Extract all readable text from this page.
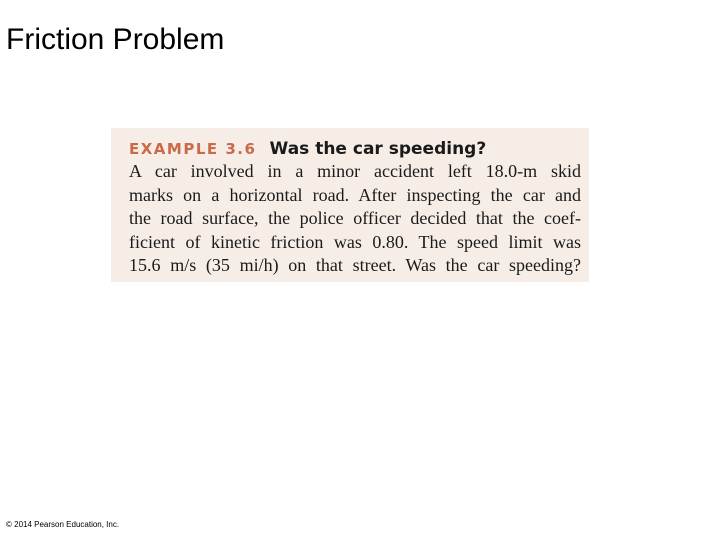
Friction Problem
EXAMPLE 3.6 Was the car speeding?
A car involved in a minor accident left 18.0-m skid
marks on a horizontal road. After inspecting the car and
the road surface, the police officer decided that the coef-
ficient of kinetic friction was 0.80. The speed limit was
15.6 m/s (35 mi/h) on that street. Was the car speeding?
© 2014 Pearson Education, Inc.
